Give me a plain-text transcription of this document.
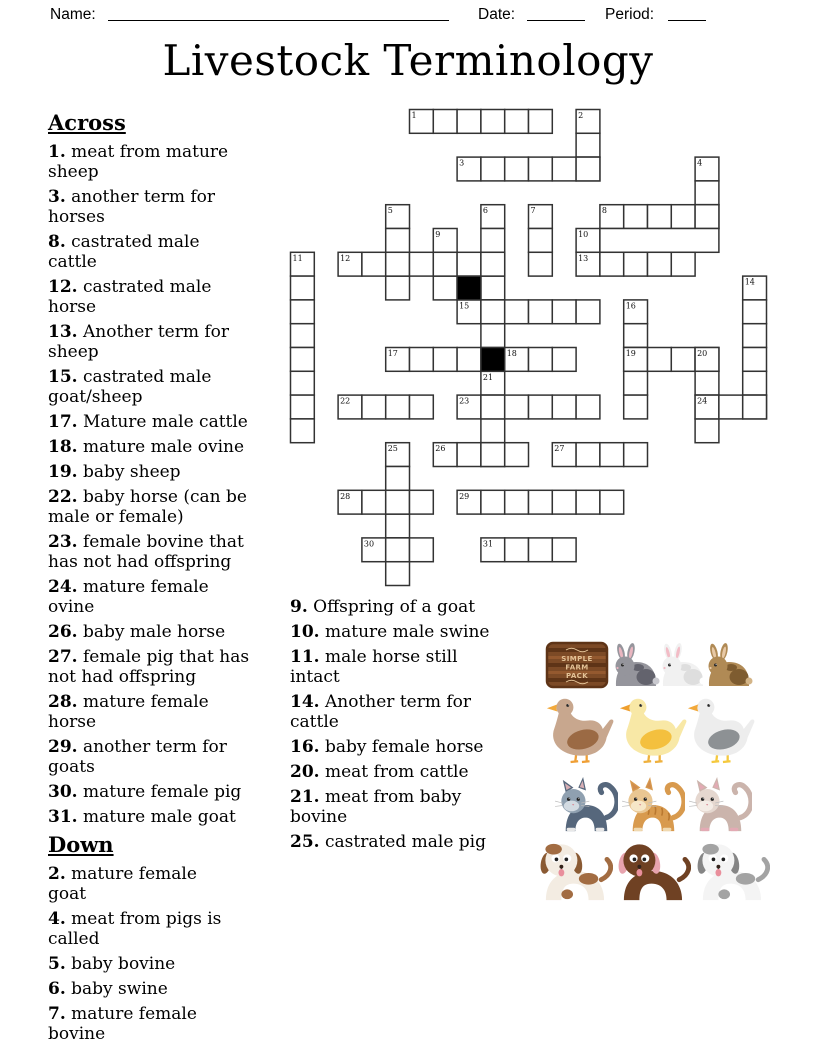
Name:	Date:	Period:
Livestock Terminology
1	2
3	4
5	6	7	8
9	10
11	12	13
14
15	16
17	18	19	20
21
22	23	24
25	26	27
28	29
30	31
Across
1. meat from mature sheep
3. another term for horses
8. castrated male cattle
12. castrated male horse
13. Another term for sheep
15. castrated male goat/sheep
17. Mature male cattle
18. mature male ovine
19. baby sheep
22. baby horse (can be male or female)
23. female bovine that has not had offspring
24. mature female ovine
26. baby male horse
27. female pig that has not had offspring
28. mature female horse
29. another term for goats
30. mature female pig
31. mature male goat
Down
2. mature female goat
4. meat from pigs is called
5. baby bovine
6. baby swine
7. mature female bovine
9. Offspring of a goat
10. mature male swine
11. male horse still intact
14. Another term for cattle
16. baby female horse
20. meat from cattle
21. meat from baby bovine
25. castrated male pig
SIMPLE
FARM
PACK
